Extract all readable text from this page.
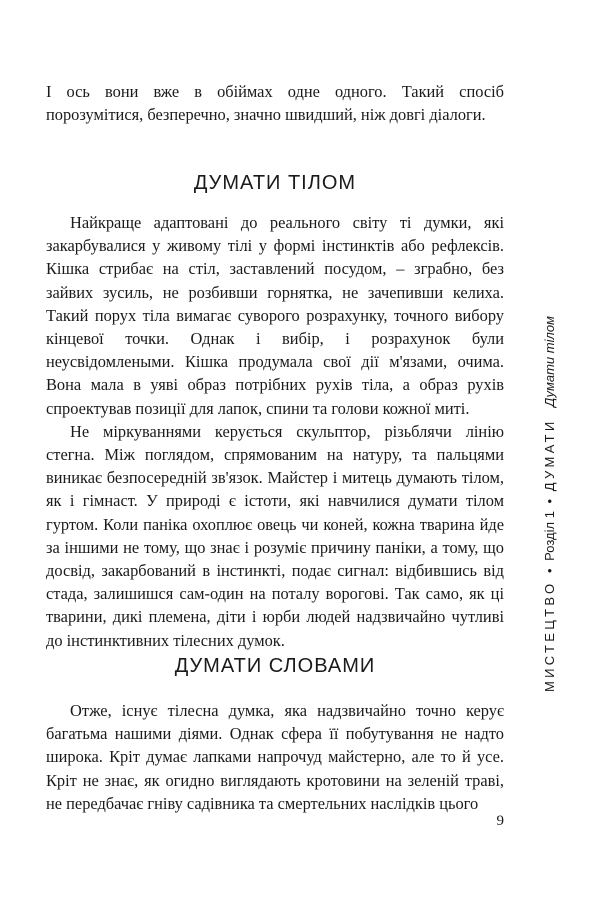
І ось вони вже в обіймах одне одного. Такий спосіб порозумітися, безперечно, значно швидший, ніж довгі діалоги.

ДУМАТИ ТІЛОМ

Найкраще адаптовані до реального світу ті думки, які закарбувалися у живому тілі у формі інстинктів або рефлексів. Кішка стрибає на стіл, заставлений посудом, – зграбно, без зайвих зусиль, не розбивши горнятка, не зачепивши келиха. Такий порух тіла вимагає суворого розрахунку, точного вибору кінцевої точки. Однак і вибір, і розрахунок були неусвідомлеными. Кішка продумала свої дії м'язами, очима. Вона мала в уяві образ потрібних рухів тіла, а образ рухів спроектував позиції для лапок, спини та голови кожної миті.

Не міркуваннями керується скульптор, різьблячи лінію стегна. Між поглядом, спрямованим на натуру, та пальцями виникає безпосередній зв'язок. Майстер і митець думають тілом, як і гімнаст. У природі є істоти, які навчилися думати тілом гуртом. Коли паніка охоплює овець чи коней, кожна тварина йде за іншими не тому, що знає і розуміє причину паніки, а тому, що досвід, закарбований в інстинкті, подає сигнал: відбившись від стада, залишишся сам-один на поталу ворогові. Так само, як ці тварини, дикі племена, діти і юрби людей надзвичайно чутливі до інстинктивних тілесних думок.

ДУМАТИ СЛОВАМИ

Отже, існує тілесна думка, яка надзвичайно точно керує багатьма нашими діями. Однак сфера її побутування не надто широка. Кріт думає лапками напрочуд майстерно, але то й усе. Кріт не знає, як огидно виглядають кротовини на зеленій траві, не передбачає гніву садівника та смертельних наслідків цього

9
МИСТЕЦТВО • Розділ 1 • ДУМАТИ Думати тілом
